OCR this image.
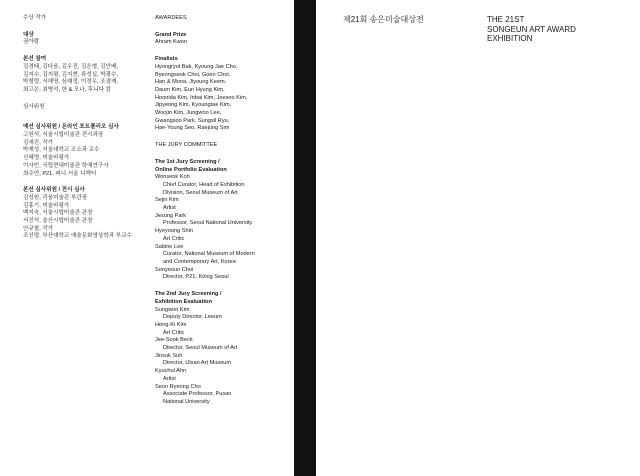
수상 작가
대상
권아람
본선 참여
김경태, 김다움, 김우진, 김은형, 김안배,
김지수, 김지평, 김지현, 류성실, 박광수,
박형렬, 서해영, 심래정, 이정우, 조겸재,
최고은, 최병석, 한 & 모나, 후니다 킴
심사위원
예선 심사위원 / 온라인 포트폴리오 심사
고원석, 서울시립미술관 전시과장
김세진, 작가
박제성, 서울대학교 조소과 교수
신혜영, 미술비평가
이사빈, 국립현대미술관 학예연구사
최수연, P21, 퍼니 서울 디렉터
본선 심사위원 / 전시 심사
김성원, 리움미술관 부관장
김홍기, 미술비평가
백지숙, 서울시립미술관 관장
서진석, 울산시립미술관 관장
안규철, 작가
조선령, 부산대학교 예술문화영상학과 부교수
AWARDEES
Grand Prize
Ahram Kwon
Finalists
Hyongryol Bak, Kyoung Jae Cho,
Byeongseok Choi, Goen Choi,
Han & Mona, Jiyoung Keem,
Daum Kim, Eun Hyung Kim,
Hoonida Kim, Inbai Kim, Jeesoo Kim,
Jipyeong Kim, Kyoungtae Kim,
Woojin Kim, Jungwoo Lee,
Gwangsoo Park, Sungsil Ryu,
Hae-Young Seo, Raejung Sim
THE JURY COMMITTEE
The 1st Jury Screening /
Online Portfolio Evaluation
Wonseok Koh
Chief Curator, Head of Exhibition
Division, Seoul Museum of Art
Sejin Kim
Artist
Jesung Park
Professor, Seoul National University
Hyeyoung Shin
Art Critic
Sabine Lee
Curator, National Museum of Modern
and Contemporary Art, Korea
Sooyeoun Choi
Director, P21, König Seoul
The 2nd Jury Screening /
Exhibition Evaluation
Sungwon Kim
Deputy Director, Leeum
Hong-Ki Kim
Art Critic
Jee-Sook Beck
Director, Seoul Museum of Art
Jinsuk Suh
Director, Ulsan Art Museum
Kyuchul Ahn
Artist
Seon Ryeong Cho
Associate Professor, Pusan
National University
제21회 송은미술대상전	THE 21ST
SONGEUN ART AWARD
EXHIBITION
